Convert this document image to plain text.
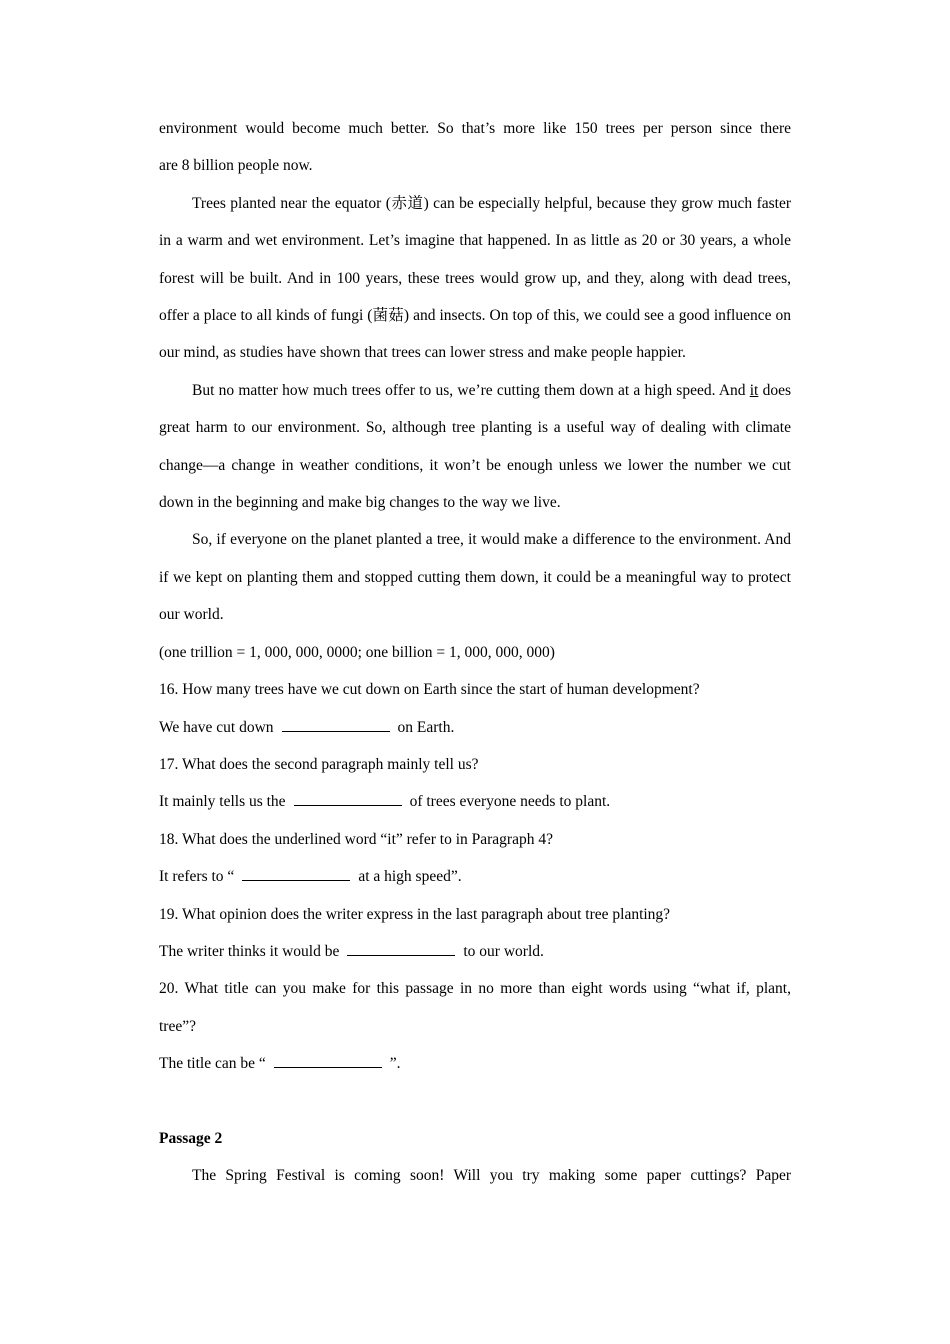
environment would become much better. So that’s more like 150 trees per person since there

are 8 billion people now.

Trees planted near the equator (赤道) can be especially helpful, because they grow much faster in a warm and wet environment. Let’s imagine that happened. In as little as 20 or 30 years, a whole forest will be built. And in 100 years, these trees would grow up, and they, along with dead trees, offer a place to all kinds of fungi (菌菇) and insects. On top of this, we could see a good influence on our mind, as studies have shown that trees can lower stress and make people happier.

But no matter how much trees offer to us, we’re cutting them down at a high speed. And it does great harm to our environment. So, although tree planting is a useful way of dealing with climate change—a change in weather conditions, it won’t be enough unless we lower the number we cut down in the beginning and make big changes to the way we live.

So, if everyone on the planet planted a tree, it would make a difference to the environment. And if we kept on planting them and stopped cutting them down, it could be a meaningful way to protect our world.

(one trillion = 1, 000, 000, 0000; one billion = 1, 000, 000, 000)

16. How many trees have we cut down on Earth since the start of human development?

We have cut down	on Earth.

17. What does the second paragraph mainly tell us?

It mainly tells us the	of trees everyone needs to plant.

18. What does the underlined word “it” refer to in Paragraph 4?

It refers to “	at a high speed”.

19. What opinion does the writer express in the last paragraph about tree planting?

The writer thinks it would be	to our world.

20. What title can you make for this passage in no more than eight words using “what if, plant,

tree”?

The title can be “	”.

Passage 2

The Spring Festival is coming soon! Will you try making some paper cuttings? Paper
